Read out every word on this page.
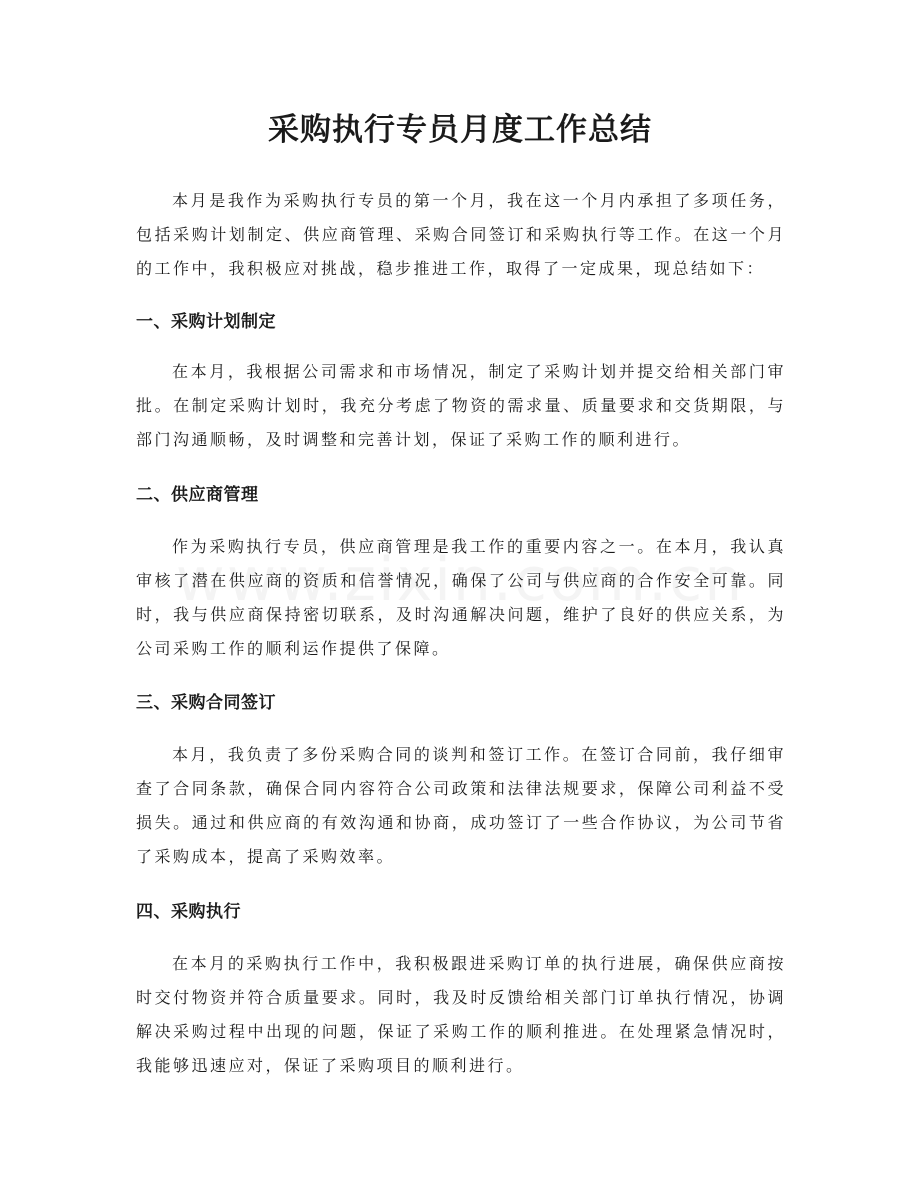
采购执行专员月度工作总结

本月是我作为采购执行专员的第一个月，我在这一个月内承担了多项任务，包括采购计划制定、供应商管理、采购合同签订和采购执行等工作。在这一个月的工作中，我积极应对挑战，稳步推进工作，取得了一定成果，现总结如下：

一、采购计划制定

在本月，我根据公司需求和市场情况，制定了采购计划并提交给相关部门审批。在制定采购计划时，我充分考虑了物资的需求量、质量要求和交货期限，与部门沟通顺畅，及时调整和完善计划，保证了采购工作的顺利进行。

二、供应商管理

作为采购执行专员，供应商管理是我工作的重要内容之一。在本月，我认真审核了潜在供应商的资质和信誉情况，确保了公司与供应商的合作安全可靠。同时，我与供应商保持密切联系，及时沟通解决问题，维护了良好的供应关系，为公司采购工作的顺利运作提供了保障。

三、采购合同签订

本月，我负责了多份采购合同的谈判和签订工作。在签订合同前，我仔细审查了合同条款，确保合同内容符合公司政策和法律法规要求，保障公司利益不受损失。通过和供应商的有效沟通和协商，成功签订了一些合作协议，为公司节省了采购成本，提高了采购效率。

四、采购执行

在本月的采购执行工作中，我积极跟进采购订单的执行进展，确保供应商按时交付物资并符合质量要求。同时，我及时反馈给相关部门订单执行情况，协调解决采购过程中出现的问题，保证了采购工作的顺利推进。在处理紧急情况时，我能够迅速应对，保证了采购项目的顺利进行。
